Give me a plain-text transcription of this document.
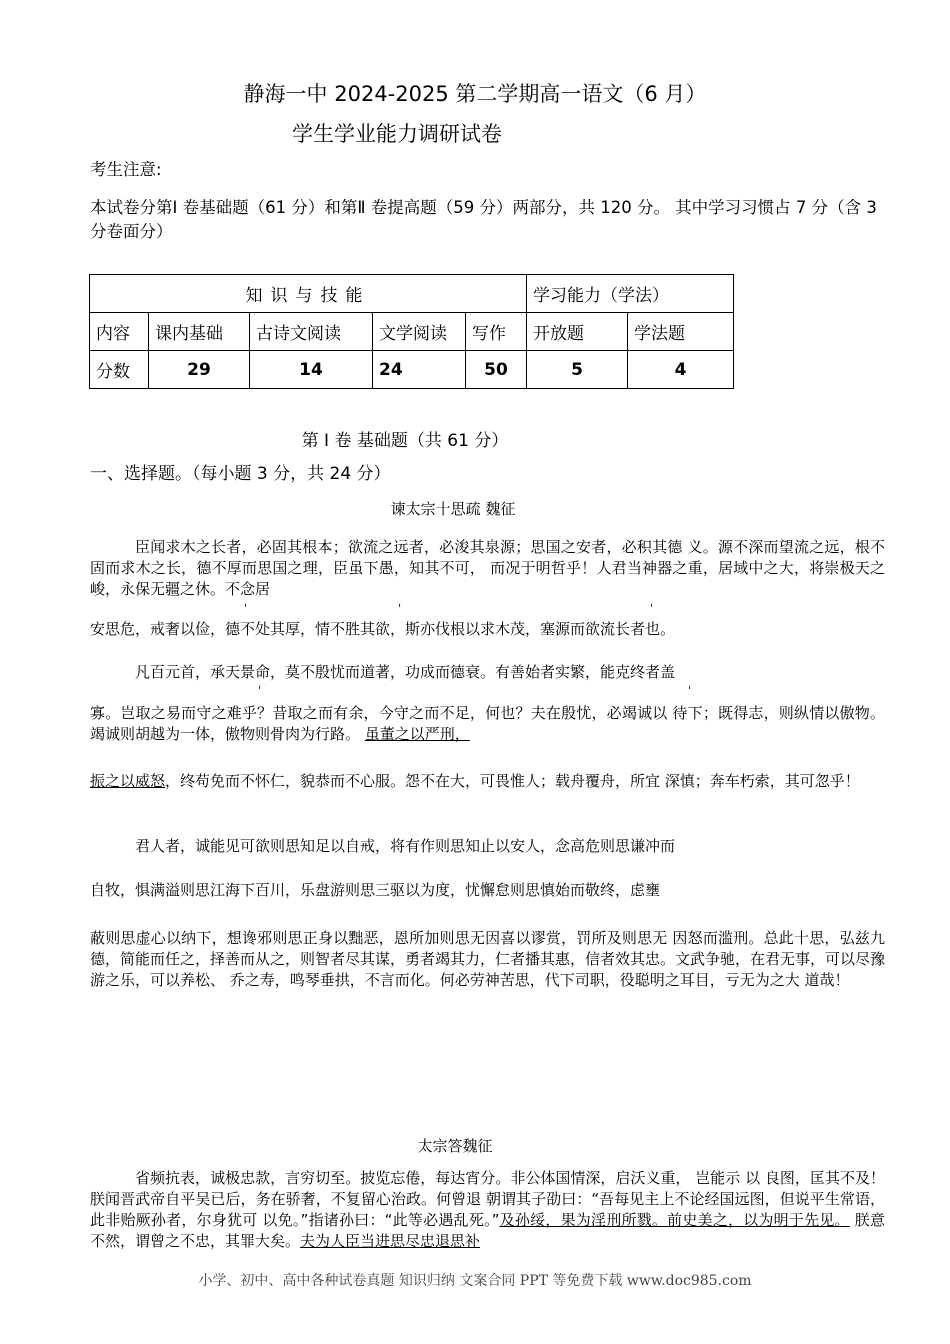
静海一中 2024-2025 第二学期高一语文（6 月）
学生学业能力调研试卷
考生注意:
本试卷分第Ⅰ 卷基础题（61 分）和第Ⅱ 卷提高题（59 分）两部分，共 120 分。 其中学习习惯占 7 分（含 3 分卷面分）
知识与技能					学习能力（学法）	
内容	课内基础	古诗文阅读	文学阅读	写作	开放题	学法题
分数	29	14	24	50	5	4
第 I 卷 基础题（共 61 分）
一、选择题。（每小题 3 分，共 24 分）
谏太宗十思疏 魏征
臣闻求木之长者，必固其根本；欲流之远者，必浚其泉源；思国之安者，必积其德 义。源不深而望流之远，根不固而求木之长，德不厚而思国之理，臣虽下愚，知其不可， 而况于明哲乎！人君当神器之重，居域中之大，将崇极天之峻，永保无疆之休。不念居
ˈ	ˈ	ˈ
安思危，戒奢以俭，德不处其厚，情不胜其欲，斯亦伐根以求木茂，塞源而欲流长者也。
凡百元首，承天景命，莫不殷忧而道著，功成而德衰。有善始者实繁，能克终者盖
ˈ	ˈ
寡。岂取之易而守之难乎？昔取之而有余，今守之而不足，何也？夫在殷忧，必竭诚以 待下；既得志，则纵情以傲物。竭诚则胡越为一体，傲物则骨肉为行路。 虽董之以严刑，
振之以威怒，终苟免而不怀仁，貌恭而不心服。怨不在大，可畏惟人；载舟覆舟，所宜 深慎；奔车朽索，其可忽乎！
君人者，诚能见可欲则思知足以自戒，将有作则思知止以安人，念高危则思谦冲而
自牧，惧满溢则思江海下百川，乐盘游则思三驱以为度，忧懈怠则思慎始而敬终，虑壅
蔽则思虚心以纳下，想谗邪则思正身以黜恶，恩所加则思无因喜以谬赏，罚所及则思无 因怒而滥刑。总此十思，弘兹九德，简能而任之，择善而从之，则智者尽其谋，勇者竭其力，仁者播其惠，信者效其忠。文武争驰，在君无事，可以尽豫游之乐，可以养松、 乔之寿，鸣琴垂拱，不言而化。何必劳神苦思，代下司职，役聪明之耳目，亏无为之大 道哉！
太宗答魏征
省频抗表，诚极忠款，言穷切至。披览忘倦，每达宵分。非公体国情深，启沃义重， 岂能示 以 良图，匡其不及！朕闻晋武帝自平吴已后，务在骄奢，不复留心治政。何曾退 朝谓其子劭曰：“吾每见主上不论经国远图，但说平生常语，此非贻厥孙者，尔身犹可 以免。”指诸孙曰：“此等必遇乱死。”及孙绥，果为淫刑所戮。前史美之，以为明于先见。 朕意不然，谓曾之不忠，其罪大矣。夫为人臣当进思尽忠退思补
小学、初中、高中各种试卷真题 知识归纳 文案合同 PPT 等免费下载 www.doc985.com
